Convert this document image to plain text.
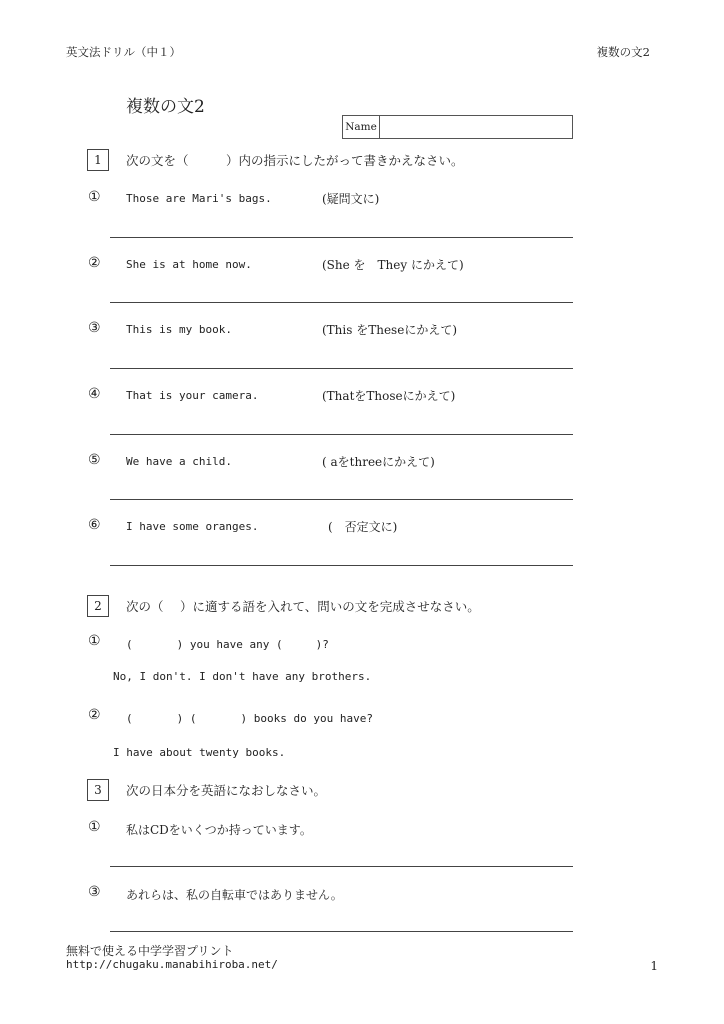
英文法ドリル（中１）	複数の文2
複数の文2
Name
1	次の文を（　　　）内の指示にしたがって書きかえなさい。
① Those are Mari's bags.	(疑問文に)
② She is at home now.	(She を　They にかえて)
③ This is my book.	(This をTheseにかえて)
④ That is your camera.	(ThatをThoseにかえて)
⑤ We have a child.	( aをthreeにかえて)
⑥ I have some oranges.	(　否定文に)
2	次の（　 ）に適する語を入れて、問いの文を完成させなさい。
① (　　　　) you have any (　　　)?
No, I don't. I don't have any brothers.
② (　　　　) (　　　　) books do you have?
I have about twenty books.
3	次の日本分を英語になおしなさい。
① 私はCDをいくつか持っています。
③ あれらは、私の自転車ではありません。
無料で使える中学学習プリント
http://chugaku.manabihiroba.net/	1
